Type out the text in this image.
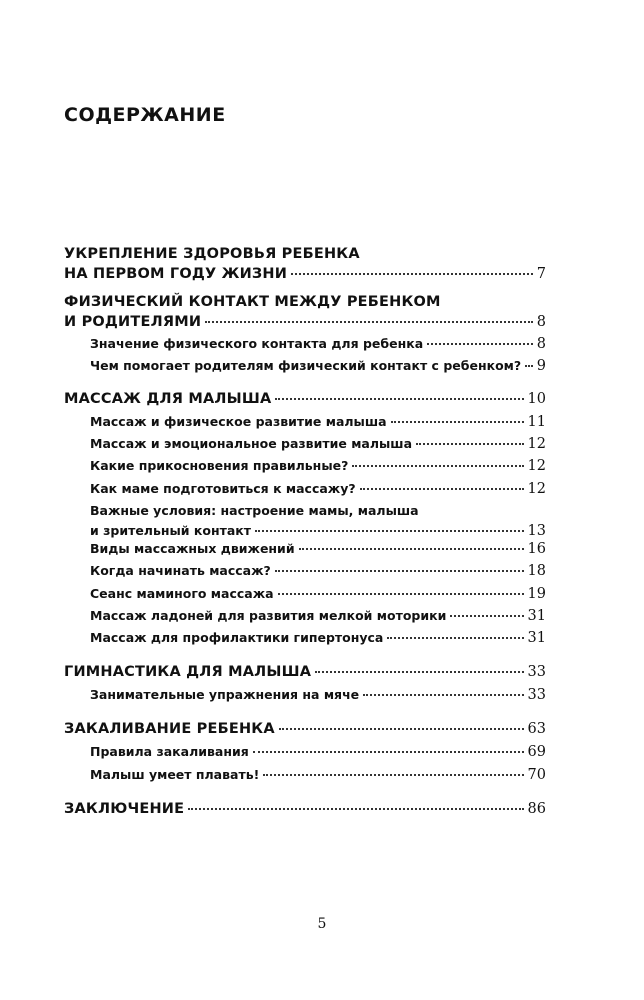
СОДЕРЖАНИЕ
УКРЕПЛЕНИЕ ЗДОРОВЬЯ РЕБЕНКА
НА ПЕРВОМ ГОДУ ЖИЗНИ	7
ФИЗИЧЕСКИЙ КОНТАКТ МЕЖДУ РЕБЕНКОМ
И РОДИТЕЛЯМИ	8
Значение физического контакта для ребенка	8
Чем помогает родителям физический контакт с ребенком? 9
МАССАЖ ДЛЯ МАЛЫША	10
Массаж и физическое развитие малыша	11
Массаж и эмоциональное развитие малыша	12
Какие прикосновения правильные?	12
Как маме подготовиться к массажу?	12
Важные условия: настроение мамы, малыша
и зрительный контакт	13
Виды массажных движений	16
Когда начинать массаж?	18
Сеанс маминого массажа	19
Массаж ладоней для развития мелкой моторики	31
Массаж для профилактики гипертонуса	31
ГИМНАСТИКА ДЛЯ МАЛЫША	33
Занимательные упражнения на мяче	33
ЗАКАЛИВАНИЕ РЕБЕНКА	63
Правила закаливания	69
Малыш умеет плавать!	70
ЗАКЛЮЧЕНИЕ	86
5
